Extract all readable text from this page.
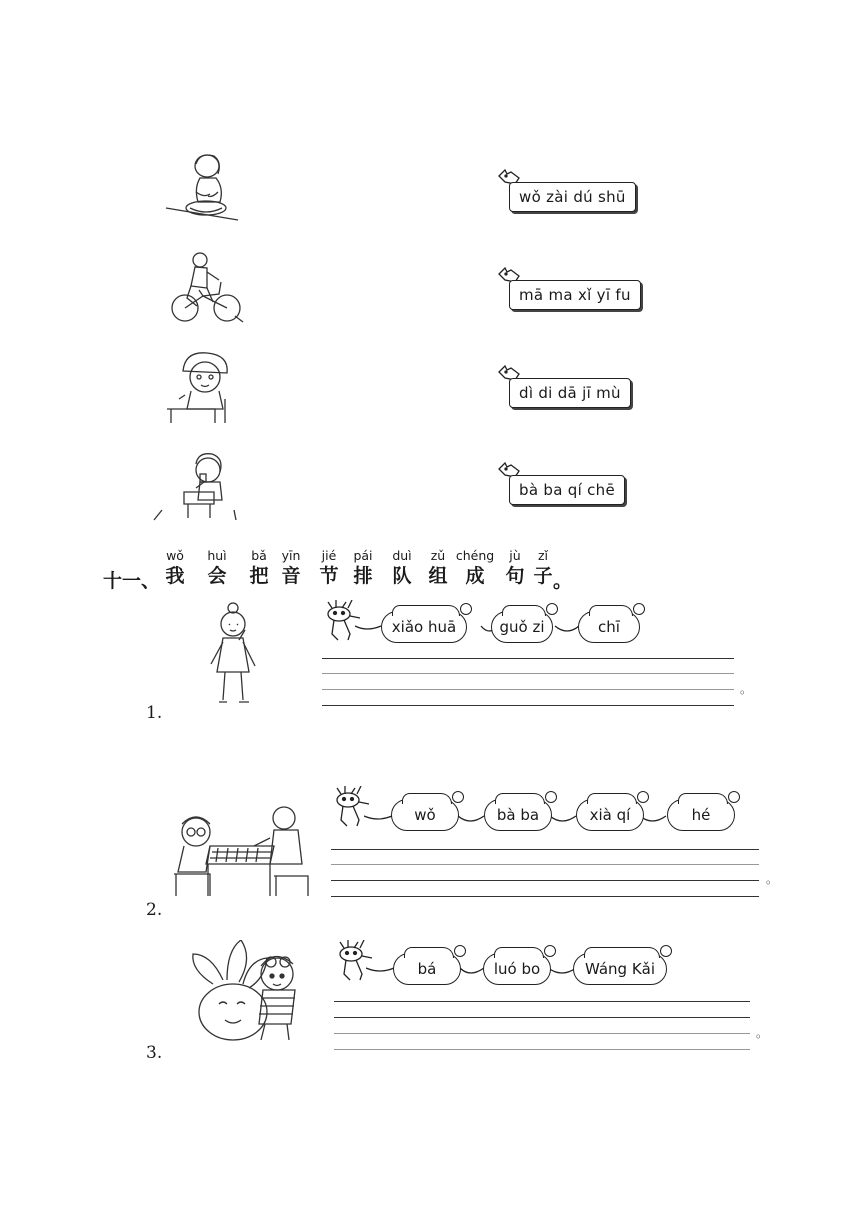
wǒ zài dú shū
mā ma xǐ yī fu
dì di dā jī mù
bà ba qí chē
十一、
wǒ
我
huì
会
bǎ
把
yīn
音
jié
节
pái
排
duì
队
zǔ
组
chéng
成
jù
句
zǐ
子 。
1.
xiǎo huā	guǒ zi	chī
。
2.
wǒ	bà ba	xià qí	hé
。
3.
bá	luó bo	Wáng Kǎi
。
